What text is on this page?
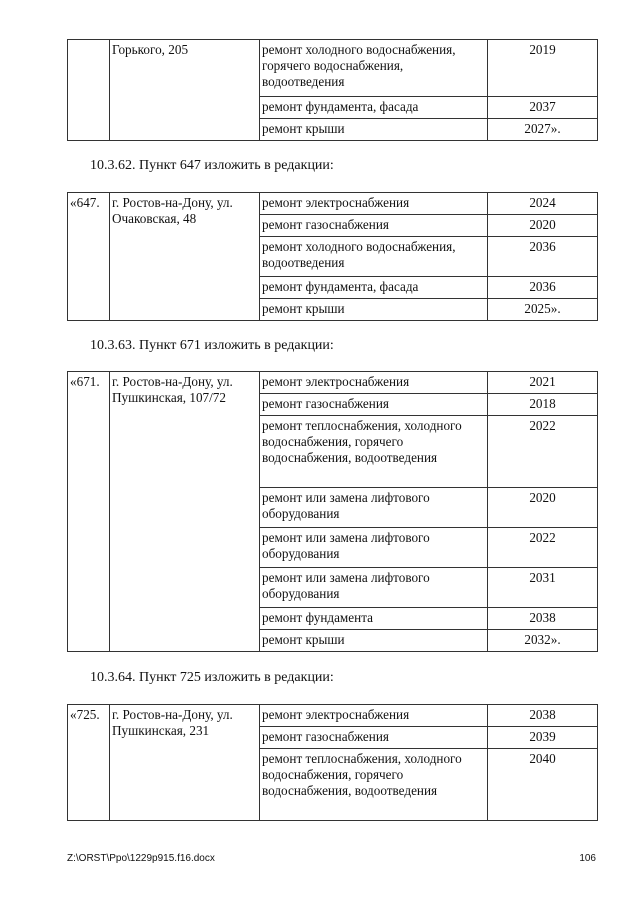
	Горького, 205	ремонт холодного водоснабжения, горячего водоснабжения, водоотведения	2019
		ремонт фундамента, фасада	2037
		ремонт крыши	2027».
10.3.62. Пункт 647 изложить в редакции:
«647.	г. Ростов-на-Дону, ул. Очаковская, 48	ремонт электроснабжения	2024
		ремонт газоснабжения	2020
		ремонт холодного водоснабжения, водоотведения	2036
		ремонт фундамента, фасада	2036
		ремонт крыши	2025».
10.3.63. Пункт 671 изложить в редакции:
«671.	г. Ростов-на-Дону, ул. Пушкинская, 107/72	ремонт электроснабжения	2021
		ремонт газоснабжения	2018
		ремонт теплоснабжения, холодного водоснабжения, горячего водоснабжения, водоотведения	2022
		ремонт или замена лифтового оборудования	2020
		ремонт или замена лифтового оборудования	2022
		ремонт или замена лифтового оборудования	2031
		ремонт фундамента	2038
		ремонт крыши	2032».
10.3.64. Пункт 725 изложить в редакции:
«725.	г. Ростов-на-Дону, ул. Пушкинская, 231	ремонт электроснабжения	2038
		ремонт газоснабжения	2039
		ремонт теплоснабжения, холодного водоснабжения, горячего водоснабжения, водоотведения	2040
Z:\ORST\Ppo\1229p915.f16.docx	106
